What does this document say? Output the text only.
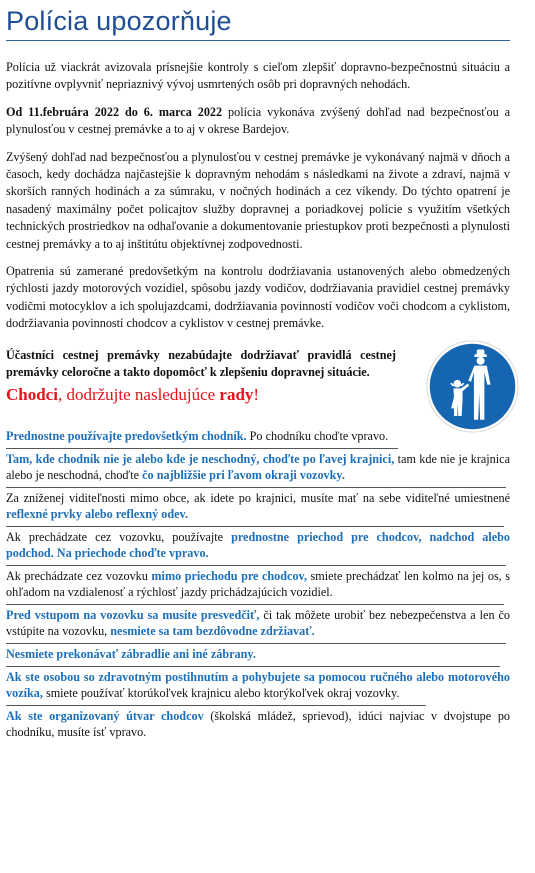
Polícia upozorňuje

Polícia už viackrát avizovala prísnejšie kontroly s cieľom zlepšiť dopravno-bezpečnostnú situáciu a pozitívne ovplyvniť nepriaznivý vývoj usmrtených osôb pri dopravných nehodách.

Od 11.februára 2022 do 6. marca 2022 polícia vykonáva zvýšený dohľad nad bezpečnosťou a plynulosťou v cestnej premávke a to aj v okrese Bardejov.

Zvýšený dohľad nad bezpečnosťou a plynulosťou v cestnej premávke je vykonávaný najmä v dňoch a časoch, kedy dochádza najčastejšie k dopravným nehodám s následkami na živote a zdraví, najmä v skorších ranných hodinách a za súmraku, v nočných hodinách a cez víkendy. Do týchto opatrení je nasadený maximálny počet policajtov služby dopravnej a poriadkovej polície s využitím všetkých technických prostriedkov na odhaľovanie a dokumentovanie priestupkov proti bezpečnosti a plynulosti cestnej premávky a to aj inštitútu objektívnej zodpovednosti.

Opatrenia sú zamerané predovšetkým na kontrolu dodržiavania ustanovených alebo obmedzených rýchlosti jazdy motorových vozidiel, spôsobu jazdy vodičov, dodržiavania pravidiel cestnej premávky vodičmi motocyklov a ich spolujazdcami, dodržiavania povinností vodičov voči chodcom a cyklistom, dodržiavania povinností chodcov a cyklistov v cestnej premávke.

Účastníci cestnej premávky nezabúdajte dodržiavať pravidlá cestnej premávky celoročne a takto dopomôcť k zlepšeniu dopravnej situácie.
Chodci, dodržujte nasledujúce rady!
Prednostne používajte predovšetkým chodník. Po chodníku choďte vpravo.
Tam, kde chodník nie je alebo kde je neschodný, choďte po ľavej krajnici, tam kde nie je krajnica alebo je neschodná, choďte čo najbližšie pri ľavom okraji vozovky.
Za zníženej viditeľnosti mimo obce, ak idete po krajnici, musíte mať na sebe viditeľné umiestnené reflexné prvky alebo reflexný odev.
Ak prechádzate cez vozovku, používajte prednostne priechod pre chodcov, nadchod alebo podchod. Na priechode choďte vpravo.
Ak prechádzate cez vozovku mimo priechodu pre chodcov, smiete prechádzať len kolmo na jej os, s ohľadom na vzdialenosť a rýchlosť jazdy prichádzajúcich vozidiel.
Pred vstupom na vozovku sa musíte presvedčiť, či tak môžete urobiť bez nebezpečenstva a len čo vstúpite na vozovku, nesmiete sa tam bezdôvodne zdržiavať.
Nesmiete prekonávať zábradlie ani iné zábrany.
Ak ste osobou so zdravotným postihnutím a pohybujete sa pomocou ručného alebo motorového vozíka, smiete používať ktorúkoľvek krajnicu alebo ktorýkoľvek okraj vozovky.
Ak ste organizovaný útvar chodcov (školská mládež, sprievod), idúci najviac v dvojstupe po chodníku, musíte ísť vpravo.
